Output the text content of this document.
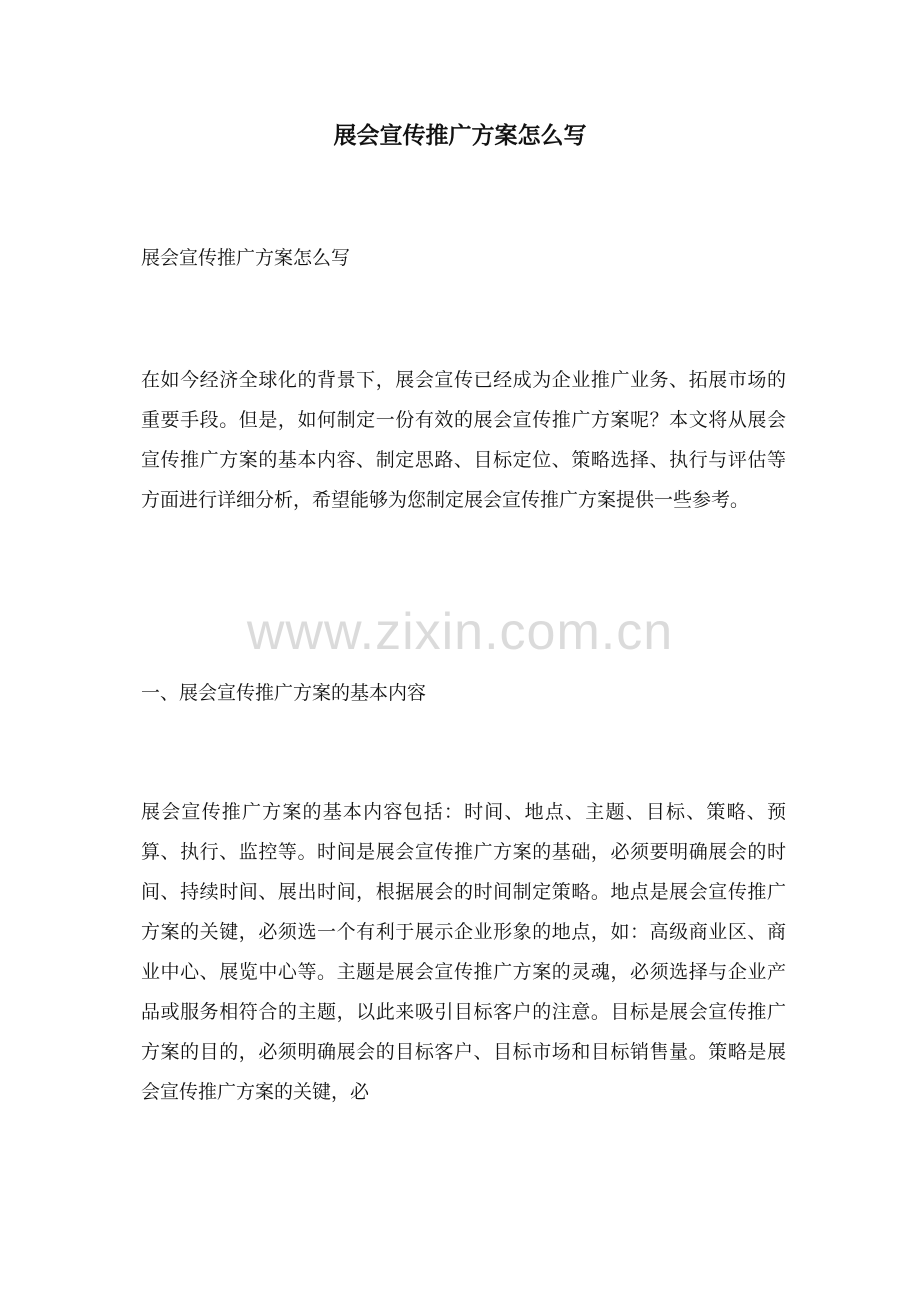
展会宣传推广方案怎么写
展会宣传推广方案怎么写

在如今经济全球化的背景下，展会宣传已经成为企业推广业务、拓展市场的重要手段。但是，如何制定一份有效的展会宣传推广方案呢？本文将从展会宣传推广方案的基本内容、制定思路、目标定位、策略选择、执行与评估等方面进行详细分析，希望能够为您制定展会宣传推广方案提供一些参考。

www.zixin.com.cn
一、展会宣传推广方案的基本内容

展会宣传推广方案的基本内容包括：时间、地点、主题、目标、策略、预算、执行、监控等。时间是展会宣传推广方案的基础，必须要明确展会的时间、持续时间、展出时间，根据展会的时间制定策略。地点是展会宣传推广方案的关键，必须选一个有利于展示企业形象的地点，如：高级商业区、商业中心、展览中心等。主题是展会宣传推广方案的灵魂，必须选择与企业产品或服务相符合的主题，以此来吸引目标客户的注意。目标是展会宣传推广方案的目的，必须明确展会的目标客户、目标市场和目标销售量。策略是展会宣传推广方案的关键，必
